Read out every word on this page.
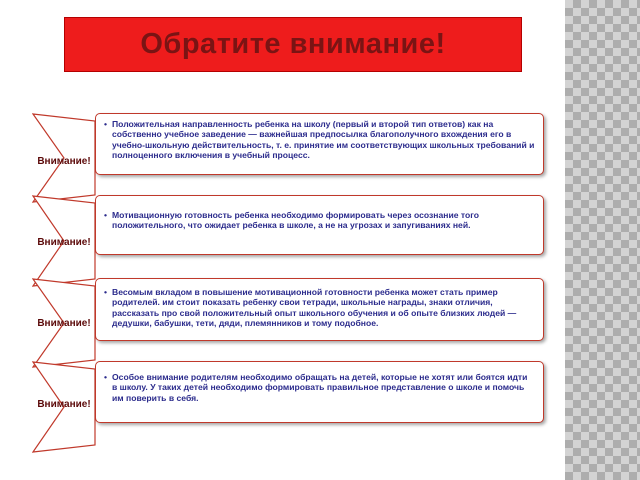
Обратите внимание!
Внимание!

• Положительная направленность ребенка на школу (первый и второй тип ответов) как на собственно учебное заведение — важнейшая предпосылка благополучного вхождения его в учебно-школьную действительность, т. е. принятие им соответствующих школьных требований и полноценного включения в учебный процесс.

Внимание!

• Мотивационную готовность ребенка необходимо формировать через осознание того положительного, что ожидает ребенка в школе, а не на угрозах и запугиваниях ней.

Внимание!

• Весомым вкладом в повышение мотивационной готовности ребенка может стать пример родителей. им стоит показать ребенку свои тетради, школьные награды, знаки отличия, рассказать про свой положительный опыт школьного обучения и об опыте близких людей — дедушки, бабушки, тети, дяди, племянников и тому подобное.

Внимание!

• Особое внимание родителям необходимо обращать на детей, которые не хотят или боятся идти в школу. У таких детей необходимо формировать правильное представление о школе и помочь им поверить в себя.
